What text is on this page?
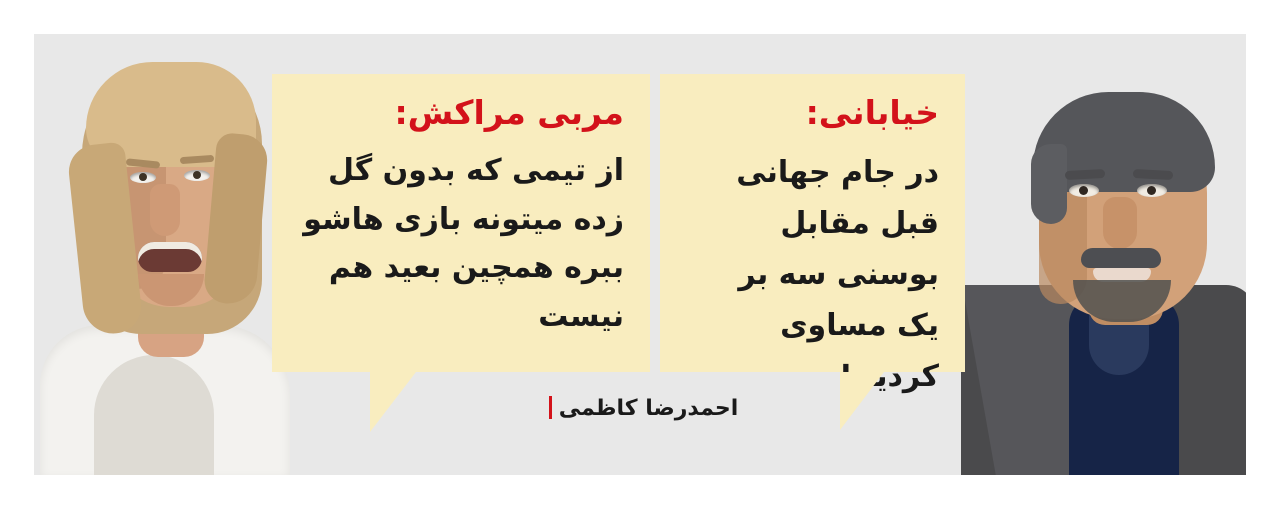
مربی مراکش:

از تیمی که بدون گل زده میتونه بازی هاشو ببره همچین بعید هم نیست

خیابانی:

در جام جهانی قبل مقابل بوسنی سه بر یک مساوی کردیم!

احمدرضا کاظمی
